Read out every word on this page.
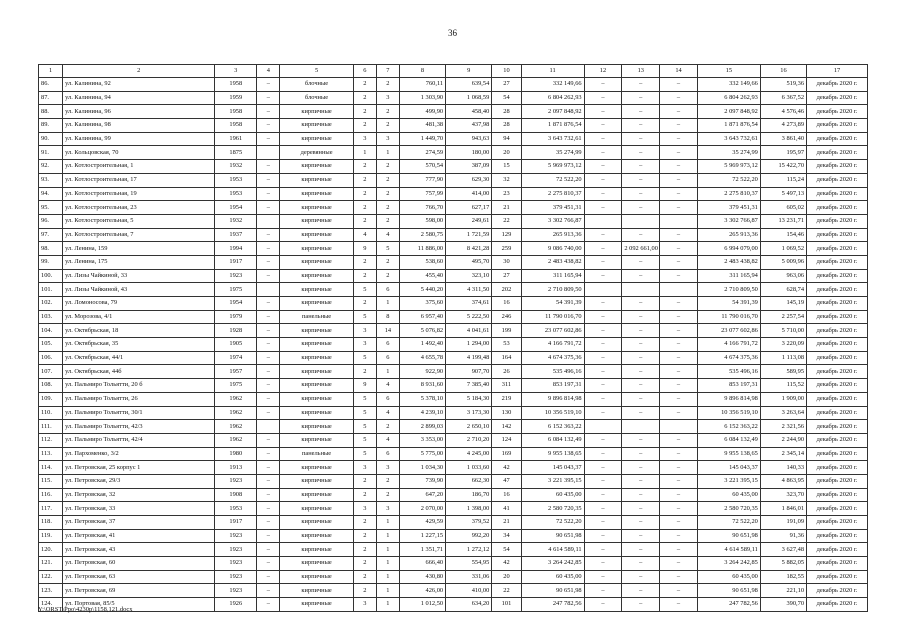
36
1	2	3	4	5	6	7	8	9	10	11	12	13	14	15	16	17
86.	ул. Калинина, 92	1958	–	блочные	2	2	760,11	639,54	27	332 149,66	–	–	–	332 149,66	519,36	декабрь 2020 г.
87.	ул. Калинина, 94	1959	–	блочные	2	3	1 303,90	1 068,59	54	6 804 262,93	–	–	–	6 804 262,93	6 367,52	декабрь 2020 г.
88.	ул. Калинина, 96	1958	–	кирпичные	2	2	499,90	458,40	28	2 097 848,92	–	–	–	2 097 848,92	4 576,46	декабрь 2020 г.
89.	ул. Калинина, 98	1958	–	кирпичные	2	2	481,38	437,98	28	1 871 876,54	–	–	–	1 871 876,54	4 273,89	декабрь 2020 г.
90.	ул. Калинина, 99	1961	–	кирпичные	3	3	1 449,70	943,63	94	3 643 732,61	–	–	–	3 643 732,61	3 861,40	декабрь 2020 г.
91.	ул. Кольцовская, 70	1875		деревянные	1	1	274,59	180,00	20	35 274,99	–	–	–	35 274,99	195,97	декабрь 2020 г.
92.	ул. Котлостроительная, 1	1932	–	кирпичные	2	2	570,54	387,09	15	5 969 973,12	–	–	–	5 969 973,12	15 422,70	декабрь 2020 г.
93.	ул. Котлостроительная, 17	1953	–	кирпичные	2	2	777,90	629,30	32	72 522,20	–	–	–	72 522,20	115,24	декабрь 2020 г.
94.	ул. Котлостроительная, 19	1953	–	кирпичные	2	2	757,99	414,00	23	2 275 810,37	–	–	–	2 275 810,37	5 497,13	декабрь 2020 г.
95.	ул. Котлостроительная, 23	1954	–	кирпичные	2	2	766,70	627,17	21	379 451,31	–	–	–	379 451,31	605,02	декабрь 2020 г.
96.	ул. Котлостроительная, 5	1932		кирпичные	2	2	598,00	249,61	22	3 302 766,87				3 302 766,87	13 231,71	декабрь 2020 г.
97.	ул. Котлостроительная, 7	1937	–	кирпичные	4	4	2 580,75	1 721,59	129	265 913,36	–	–	–	265 913,36	154,46	декабрь 2020 г.
98.	ул. Ленина, 159	1994	–	кирпичные	9	5	11 886,00	8 421,28	259	9 086 740,00	–	2 092 661,00	–	6 994 079,00	1 069,52	декабрь 2020 г.
99.	ул. Ленина, 175	1917	–	кирпичные	2	2	538,60	495,70	30	2 483 438,82	–	–	–	2 483 438,82	5 009,96	декабрь 2020 г.
100.	ул. Лизы Чайкиной, 33	1923	–	кирпичные	2	2	455,40	323,10	27	311 165,94	–	–	–	311 165,94	963,06	декабрь 2020 г.
101.	ул. Лизы Чайкиной, 43	1975		кирпичные	5	6	5 440,20	4 311,50	202	2 710 809,50				2 710 809,50	628,74	декабрь 2020 г.
102.	ул. Ломоносова, 79	1954	–	кирпичные	2	1	375,60	374,61	16	54 391,39	–	–	–	54 391,39	145,19	декабрь 2020 г.
103.	ул. Морозова, 4/1	1979	–	панельные	5	8	6 957,40	5 222,50	246	11 790 016,70	–	–	–	11 790 016,70	2 257,54	декабрь 2020 г.
104.	ул. Октябрьская, 18	1928	–	кирпичные	3	14	5 076,82	4 041,61	199	23 077 602,86	–	–	–	23 077 602,86	5 710,00	декабрь 2020 г.
105.	ул. Октябрьская, 35	1905	–	кирпичные	3	6	1 492,40	1 294,00	53	4 166 791,72	–	–	–	4 166 791,72	3 220,09	декабрь 2020 г.
106.	ул. Октябрьская, 44/1	1974	–	кирпичные	5	6	4 655,78	4 199,48	164	4 674 375,36	–	–	–	4 674 375,36	1 113,08	декабрь 2020 г.
107.	ул. Октябрьская, 44б	1957	–	кирпичные	2	1	922,90	907,70	26	535 496,16	–	–	–	535 496,16	589,95	декабрь 2020 г.
108.	ул. Пальмиро Тольятти, 20 б	1975	–	кирпичные	9	4	8 931,60	7 385,40	311	853 197,31	–	–	–	853 197,31	115,52	декабрь 2020 г.
109.	ул. Пальмиро Тольятти, 26	1962	–	кирпичные	5	6	5 378,10	5 184,30	219	9 896 814,98	–	–	–	9 896 814,98	1 909,00	декабрь 2020 г.
110.	ул. Пальмиро Тольятти, 30/1	1962	–	кирпичные	5	4	4 239,10	3 173,30	130	10 356 519,10	–	–	–	10 356 519,10	3 263,64	декабрь 2020 г.
111.	ул. Пальмиро Тольятти, 42/3	1962		кирпичные	5	2	2 899,03	2 650,10	142	6 152 363,22				6 152 363,22	2 321,56	декабрь 2020 г.
112.	ул. Пальмиро Тольятти, 42/4	1962	–	кирпичные	5	4	3 353,00	2 710,20	124	6 084 132,49	–	–	–	6 084 132,49	2 244,90	декабрь 2020 г.
113.	ул. Пархоменко, 3/2	1980	–	панельные	5	6	5 775,00	4 245,00	169	9 955 138,65	–	–	–	9 955 138,65	2 345,14	декабрь 2020 г.
114.	ул. Петровская, 25 корпус 1	1913	–	кирпичные	3	3	1 034,30	1 033,60	42	145 043,37	–	–	–	145 043,37	140,33	декабрь 2020 г.
115.	ул. Петровская, 29/3	1923	–	кирпичные	2	2	739,90	662,30	47	3 221 395,15	–	–	–	3 221 395,15	4 863,95	декабрь 2020 г.
116.	ул. Петровская, 32	1908	–	кирпичные	2	2	647,20	186,70	16	60 435,00	–	–	–	60 435,00	323,70	декабрь 2020 г.
117.	ул. Петровская, 33	1953	–	кирпичные	3	3	2 070,00	1 398,00	41	2 580 720,35	–	–	–	2 580 720,35	1 846,01	декабрь 2020 г.
118.	ул. Петровская, 37	1917	–	кирпичные	2	1	429,59	379,52	21	72 522,20	–	–	–	72 522,20	191,09	декабрь 2020 г.
119.	ул. Петровская, 41	1923	–	кирпичные	2	1	1 227,15	992,20	34	90 651,98	–	–	–	90 651,98	91,36	декабрь 2020 г.
120.	ул. Петровская, 43	1923	–	кирпичные	2	1	1 351,71	1 272,12	54	4 614 589,11	–	–	–	4 614 589,11	3 627,48	декабрь 2020 г.
121.	ул. Петровская, 60	1923	–	кирпичные	2	1	666,40	554,95	42	3 264 242,85	–	–	–	3 264 242,85	5 882,05	декабрь 2020 г.
122.	ул. Петровская, 63	1923	–	кирпичные	2	1	430,80	331,06	20	60 435,00	–	–	–	60 435,00	182,55	декабрь 2020 г.
123.	ул. Петровская, 69	1923	–	кирпичные	2	1	426,00	410,00	22	90 651,98	–	–	–	90 651,98	221,10	декабрь 2020 г.
124.	ул. Портовая, 85/5	1926	–	кирпичные	3	1	1 012,50	634,20	101	247 782,56	–	–	–	247 782,56	390,70	декабрь 2020 г.
Y:\ORST\Ppo\4230p\1158,121.docx
